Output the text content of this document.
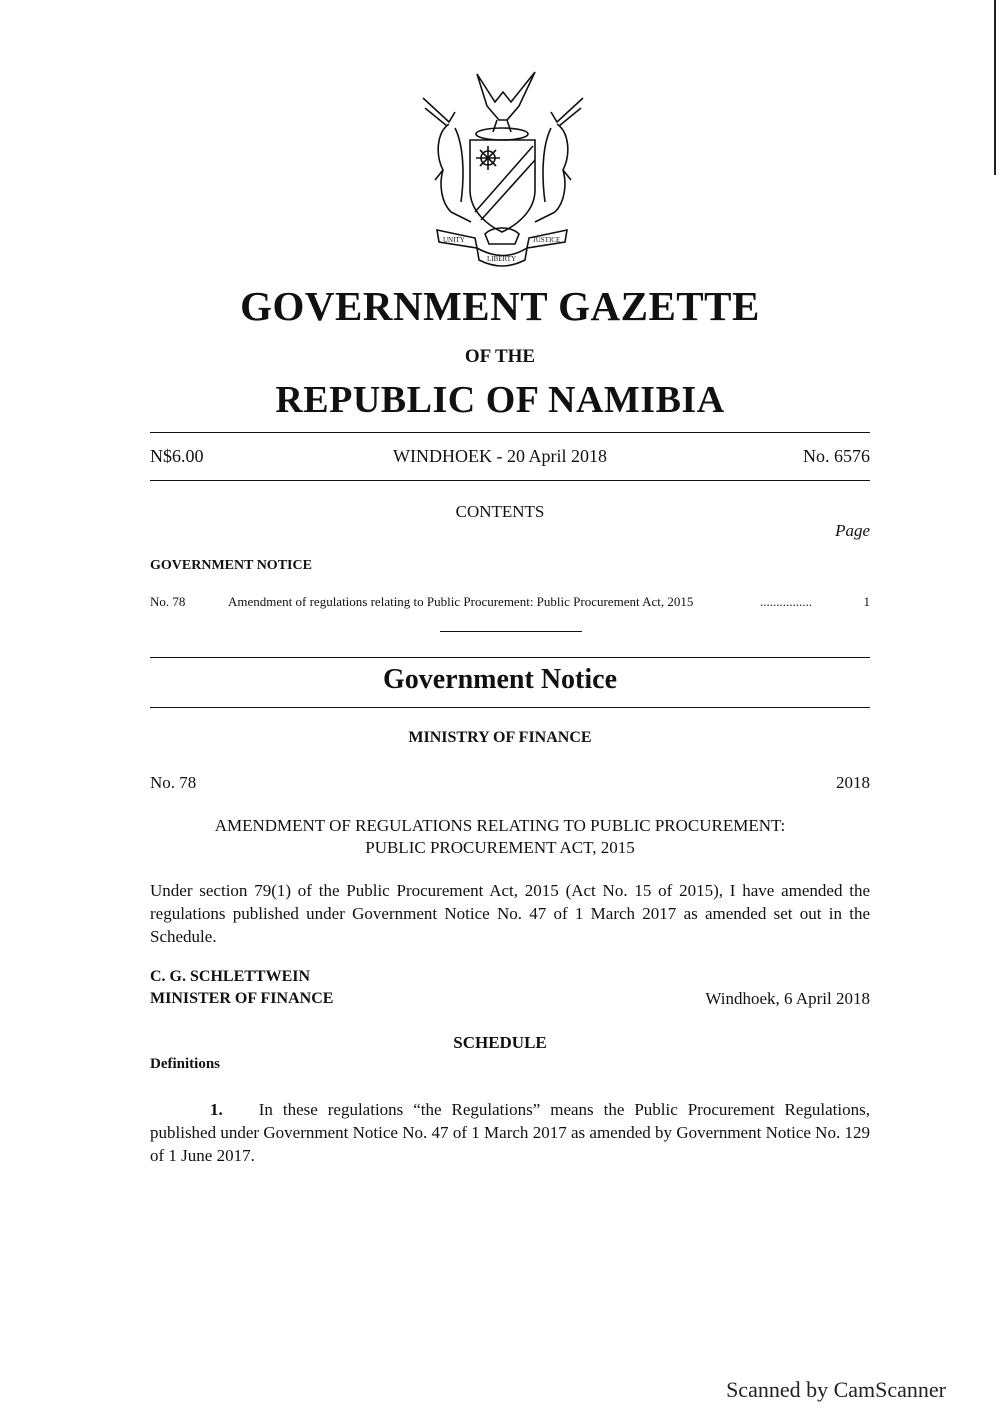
UNITY
LIBERTY
JUSTICE
GOVERNMENT GAZETTE
OF THE
REPUBLIC OF NAMIBIA
N$6.00	WINDHOEK - 20 April 2018	No. 6576
CONTENTS
Page
GOVERNMENT NOTICE
No. 78	Amendment of regulations relating to Public Procurement: Public Procurement Act, 2015	................	1
Government Notice
MINISTRY OF FINANCE
No. 78	2018
AMENDMENT OF REGULATIONS RELATING TO PUBLIC PROCUREMENT:
PUBLIC PROCUREMENT ACT, 2015
Under section 79(1) of the Public Procurement Act, 2015 (Act No. 15 of 2015), I have amended the regulations published under Government Notice No. 47 of 1 March 2017 as amended set out in the Schedule.
C. G. SCHLETTWEIN
MINISTER OF FINANCE	Windhoek, 6 April 2018
SCHEDULE
Definitions
1. In these regulations “the Regulations” means the Public Procurement Regulations, published under Government Notice No. 47 of 1 March 2017 as amended by Government Notice No. 129 of 1 June 2017.
Scanned by CamScanner
